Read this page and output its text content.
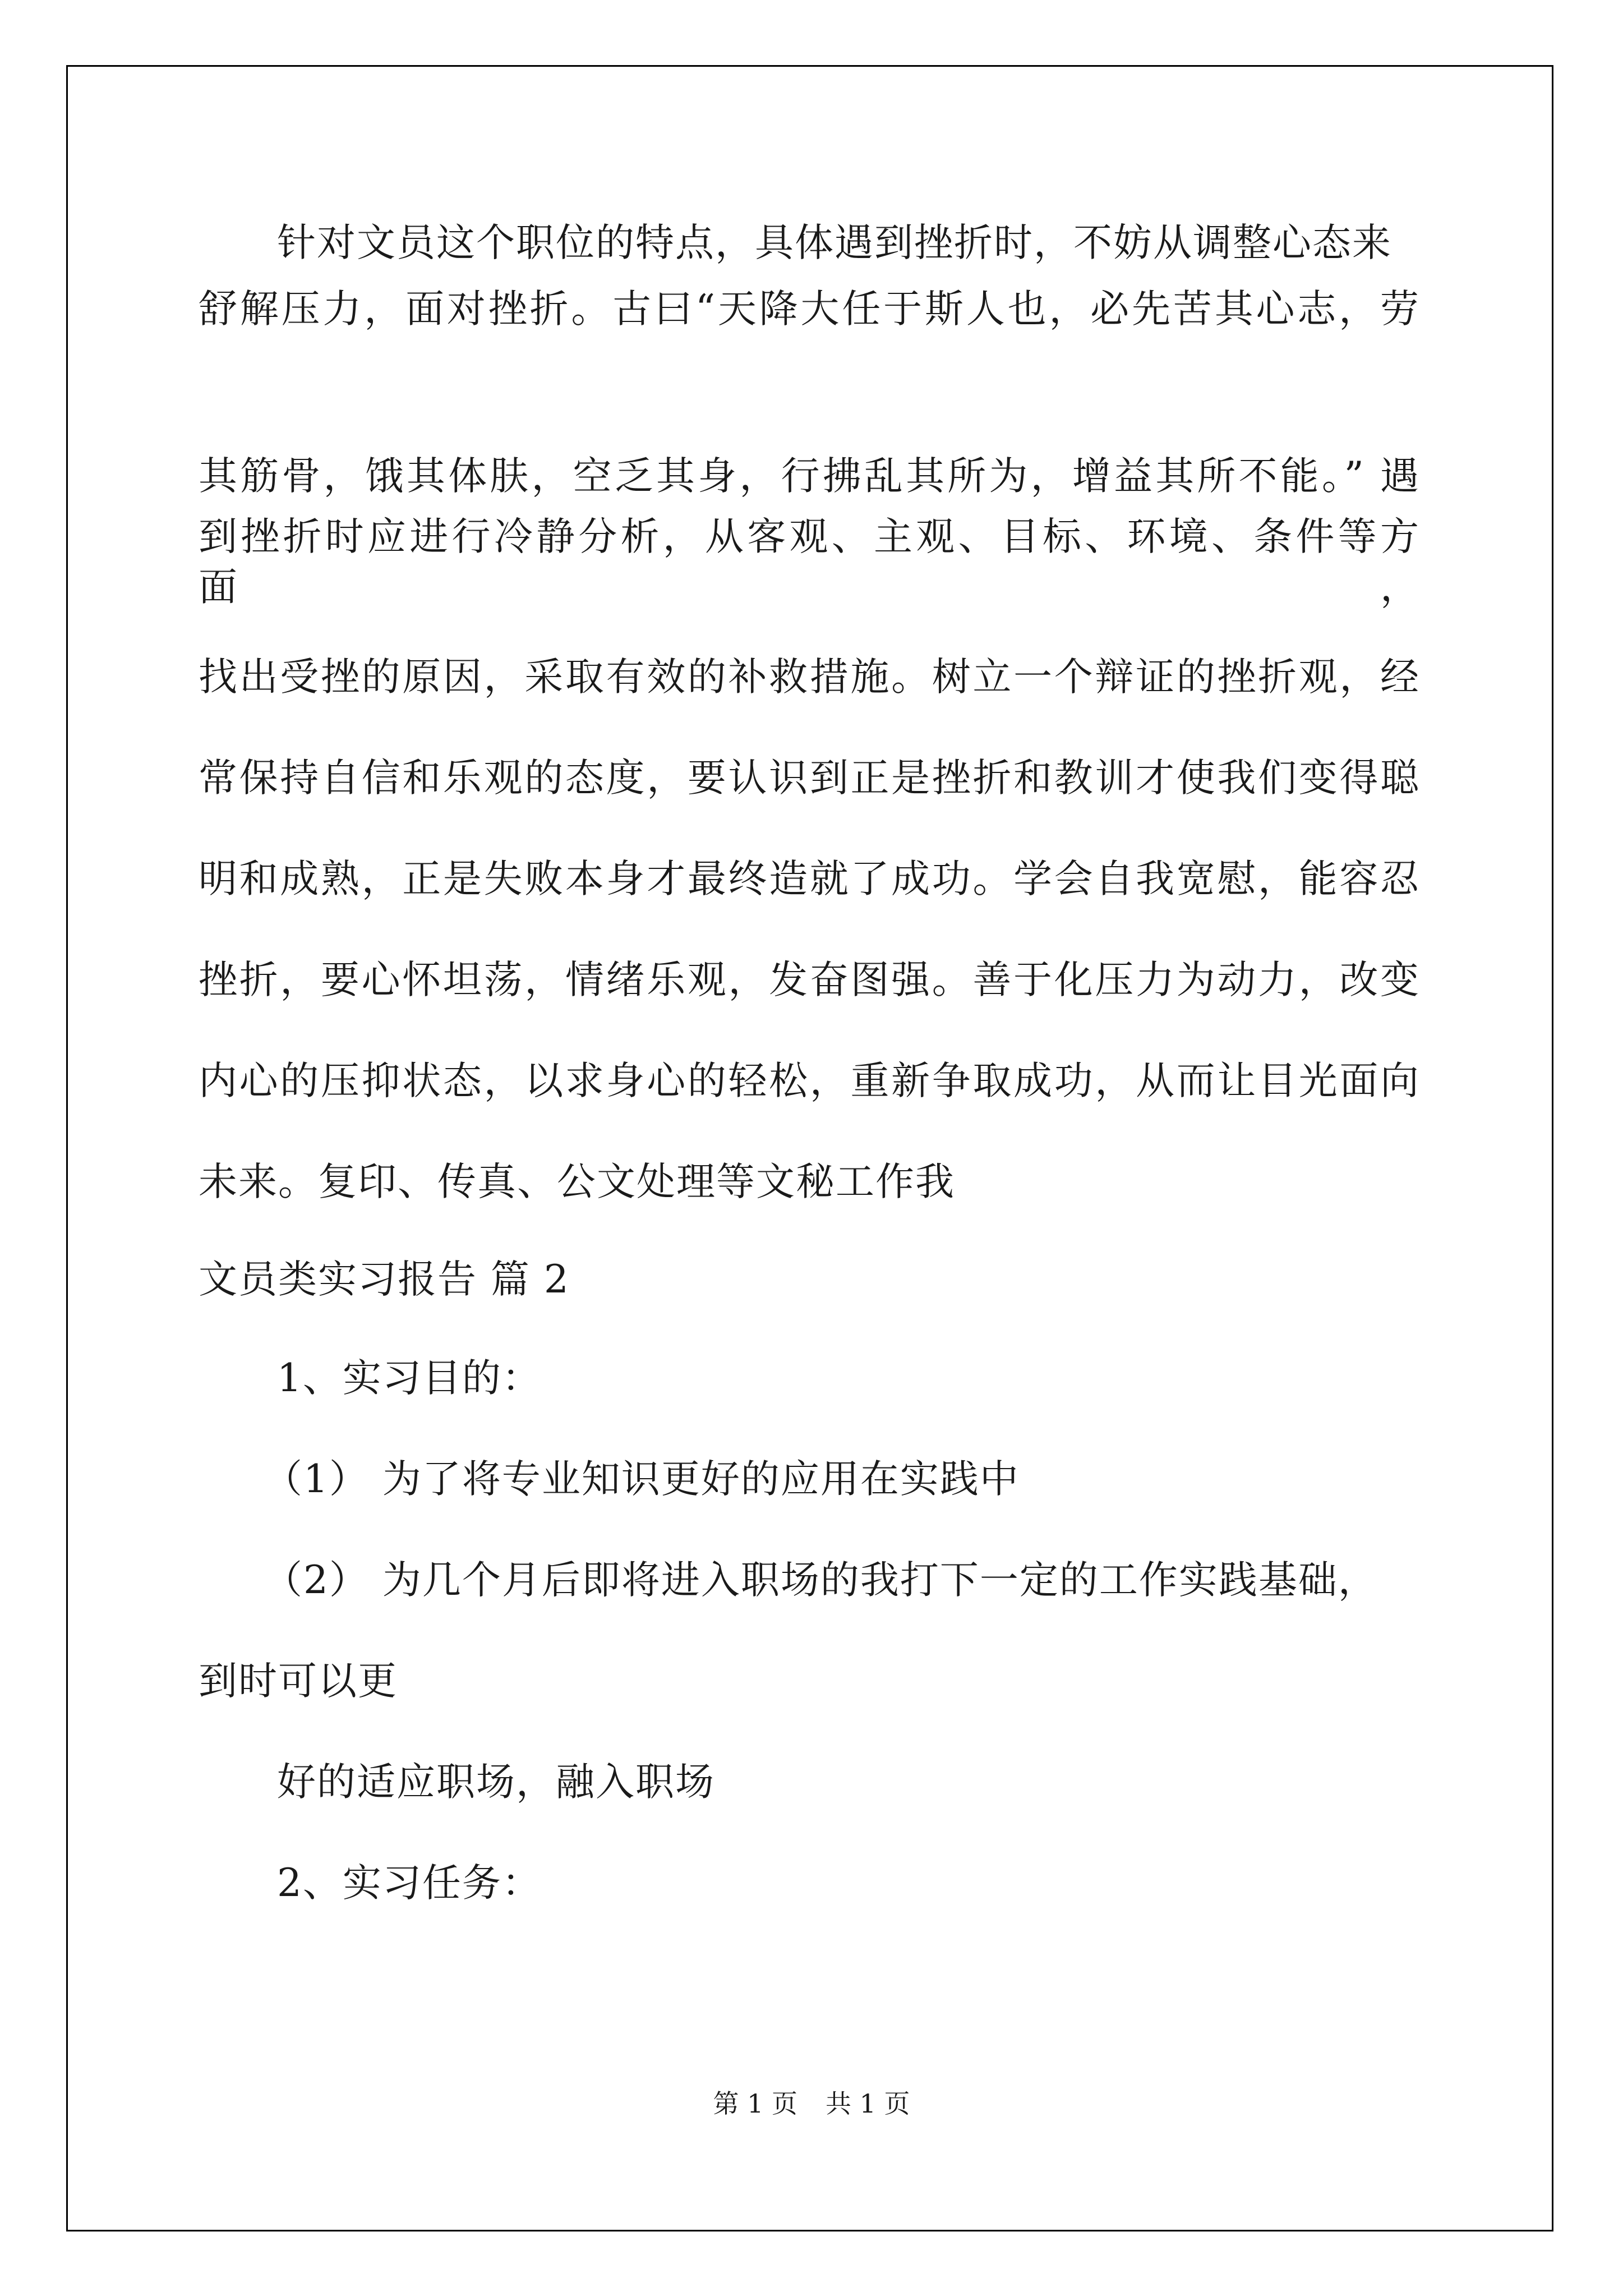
针对文员这个职位的特点，具体遇到挫折时，不妨从调整心态来
舒解压力，面对挫折。古曰“天降大任于斯人也，必先苦其心志，劳
其筋骨，饿其体肤，空乏其身，行拂乱其所为，增益其所不能。” 遇
到挫折时应进行冷静分析，从客观、主观、目标、环境、条件等方面，
找出受挫的原因，采取有效的补救措施。树立一个辩证的挫折观，经
常保持自信和乐观的态度，要认识到正是挫折和教训才使我们变得聪
明和成熟，正是失败本身才最终造就了成功。学会自我宽慰，能容忍
挫折，要心怀坦荡，情绪乐观，发奋图强。善于化压力为动力，改变
内心的压抑状态，以求身心的轻松，重新争取成功，从而让目光面向
未来。复印、传真、公文处理等文秘工作我
文员类实习报告 篇 2
1、实习目的：
（1） 为了将专业知识更好的应用在实践中
（2） 为几个月后即将进入职场的我打下一定的工作实践基础，
到时可以更
好的适应职场，融入职场
2、实习任务：
第 1 页 共 1 页
